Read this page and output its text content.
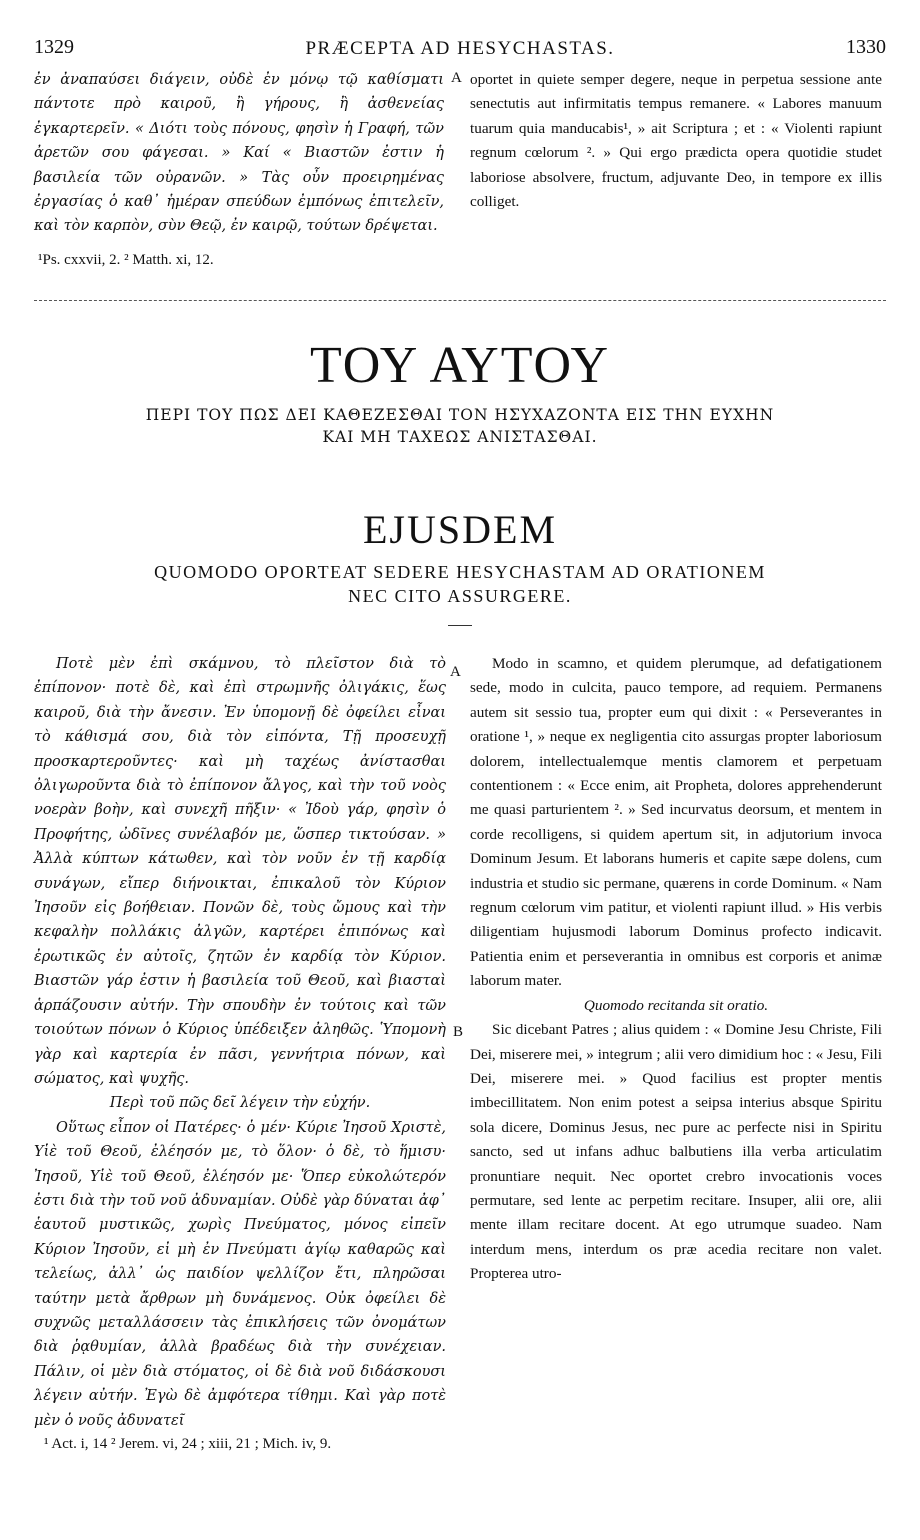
1329	PRÆCEPTA AD HESYCHASTAS.	1330

ἐν ἀναπαύσει διάγειν, οὐδὲ ἐν μόνῳ τῷ καθίσματι πάντοτε πρὸ καιροῦ, ἢ γήρους, ἢ ἀσθενείας ἐγκαρτερεῖν. « Διότι τοὺς πόνους, φησὶν ἡ Γραφή, τῶν ἀρετῶν σου φάγεσαι. » Καί « Βιαστῶν ἐστιν ἡ βασιλεία τῶν οὐρανῶν. » Τὰς οὖν προειρημένας ἐργασίας ὁ καθ᾽ ἡμέραν σπεύδων ἐμπόνως ἐπιτελεῖν, καὶ τὸν καρπὸν, σὺν Θεῷ, ἐν καιρῷ, τούτων δρέψεται.

A oportet in quiete semper degere, neque in perpetua sessione ante senectutis aut infirmitatis tempus remanere. « Labores manuum tuarum quia manducabis¹, » ait Scriptura ; et : « Violenti rapiunt regnum cœlorum ². » Qui ergo prædicta opera quotidie studet laboriose absolvere, fructum, adjuvante Deo, in tempore ex illis colliget.

¹Ps. cxxvii, 2. ² Matth. xi, 12.
ΤΟΥ ΑΥΤΟΥ
ΠΕΡΙ ΤΟΥ ΠΩΣ ΔΕΙ ΚΑΘΕΖΕΣΘΑΙ ΤΟΝ ΗΣΥΧΑΖΟΝΤΑ ΕΙΣ ΤΗΝ ΕΥΧΗΝ
ΚΑΙ ΜΗ ΤΑΧΕΩΣ ΑΝΙΣΤΑΣΘΑΙ.
EJUSDEM
QUOMODO OPORTEAT SEDERE HESYCHASTAM AD ORATIONEM
NEC CITO ASSURGERE.

Ποτὲ μὲν ἐπὶ σκάμνου, τὸ πλεῖστον διὰ τὸ ἐπίπονον· ποτὲ δὲ, καὶ ἐπὶ στρωμνῆς ὀλιγάκις, ἕως καιροῦ, διὰ τὴν ἄνεσιν. Ἐν ὑπομονῇ δὲ ὀφείλει εἶναι τὸ κάθισμά σου, διὰ τὸν εἰπόντα, Τῇ προσευχῇ προσκαρτεροῦντες· καὶ μὴ ταχέως ἀνίστασθαι ὀλιγωροῦντα διὰ τὸ ἐπίπονον ἄλγος, καὶ τὴν τοῦ νοὸς νοερὰν βοὴν, καὶ συνεχῆ πῆξιν· « Ἰδοὺ γάρ, φησὶν ὁ Προφήτης, ὠδῖνες συνέλαβόν με, ὥσπερ τικτούσαν. » Ἀλλὰ κύπτων κάτωθεν, καὶ τὸν νοῦν ἐν τῇ καρδίᾳ συνάγων, εἴπερ διήνοικται, ἐπικαλοῦ τὸν Κύριον Ἰησοῦν εἰς βοήθειαν. Πονῶν δὲ, τοὺς ὤμους καὶ τὴν κεφαλὴν πολλάκις ἀλγῶν, καρτέρει ἐπιπόνως καὶ ἐρωτικῶς ἐν αὐτοῖς, ζητῶν ἐν καρδίᾳ τὸν Κύριον. Βιαστῶν γάρ ἐστιν ἡ βασιλεία τοῦ Θεοῦ, καὶ βιασταὶ ἁρπάζουσιν αὐτήν. Τὴν σπουδὴν ἐν τούτοις καὶ τῶν τοιούτων πόνων ὁ Κύριος ὑπέδειξεν ἀληθῶς. Ὑπομονὴ γὰρ καὶ καρτερία ἐν πᾶσι, γεννήτρια πόνων, καὶ σώματος, καὶ ψυχῆς.

Περὶ τοῦ πῶς δεῖ λέγειν τὴν εὐχήν.

Οὕτως εἶπον οἱ Πατέρες· ὁ μέν· Κύριε Ἰησοῦ Χριστὲ, Υἱὲ τοῦ Θεοῦ, ἐλέησόν με, τὸ ὅλον· ὁ δὲ, τὸ ἥμισυ· Ἰησοῦ, Υἱὲ τοῦ Θεοῦ, ἐλέησόν με· Ὅπερ εὐκολώτερόν ἐστι διὰ τὴν τοῦ νοῦ ἀδυναμίαν. Οὐδὲ γὰρ δύναται ἀφ᾽ ἑαυτοῦ μυστικῶς, χωρὶς Πνεύματος, μόνος εἰπεῖν Κύριον Ἰησοῦν, εἰ μὴ ἐν Πνεύματι ἁγίῳ καθαρῶς καὶ τελείως, ἀλλ᾽ ὡς παιδίον ψελλίζον ἔτι, πληρῶσαι ταύτην μετὰ ἄρθρων μὴ δυνάμενος. Οὐκ ὀφείλει δὲ συχνῶς μεταλλάσσειν τὰς ἐπικλήσεις τῶν ὀνομάτων διὰ ῥᾳθυμίαν, ἀλλὰ βραδέως διὰ τὴν συνέχειαν. Πάλιν, οἱ μὲν διὰ στόματος, οἱ δὲ διὰ νοῦ διδάσκουσι λέγειν αὐτήν. Ἐγὼ δὲ ἀμφότερα τίθημι. Καὶ γὰρ ποτὲ μὲν ὁ νοῦς ἀδυνατεῖ

A
B

Modo in scamno, et quidem plerumque, ad defatigationem sede, modo in culcita, pauco tempore, ad requiem. Permanens autem sit sessio tua, propter eum qui dixit : « Perseverantes in oratione ¹, » neque ex negligentia cito assurgas propter laboriosum dolorem, intellectualemque mentis clamorem et perpetuam contentionem : « Ecce enim, ait Propheta, dolores apprehenderunt me quasi parturientem ². » Sed incurvatus deorsum, et mentem in corde recolligens, si quidem apertum sit, in adjutorium invoca Dominum Jesum. Et laborans humeris et capite sæpe dolens, cum industria et studio sic permane, quærens in corde Dominum. « Nam regnum cœlorum vim patitur, et violenti rapiunt illud. » His verbis diligentiam hujusmodi laborum Dominus profecto indicavit. Patientia enim et perseverantia in omnibus est corporis et animæ laborum mater.

Quomodo recitanda sit oratio.

Sic dicebant Patres ; alius quidem : « Domine Jesu Christe, Fili Dei, miserere mei, » integrum ; alii vero dimidium hoc : « Jesu, Fili Dei, miserere mei. » Quod facilius est propter mentis imbecillitatem. Non enim potest a seipsa interius absque Spiritu sola dicere, Dominus Jesus, nec pure ac perfecte nisi in Spiritu sancto, sed ut infans adhuc balbutiens illa verba articulatim pronuntiare nequit. Nec oportet crebro invocationis voces permutare, sed lente ac perpetim recitare. Insuper, alii ore, alii mente illam recitare docent. At ego utrumque suadeo. Nam interdum mens, interdum os præ acedia recitare non valet. Propterea utro-

¹ Act. i, 14 ² Jerem. vi, 24 ; xiii, 21 ; Mich. iv, 9.
